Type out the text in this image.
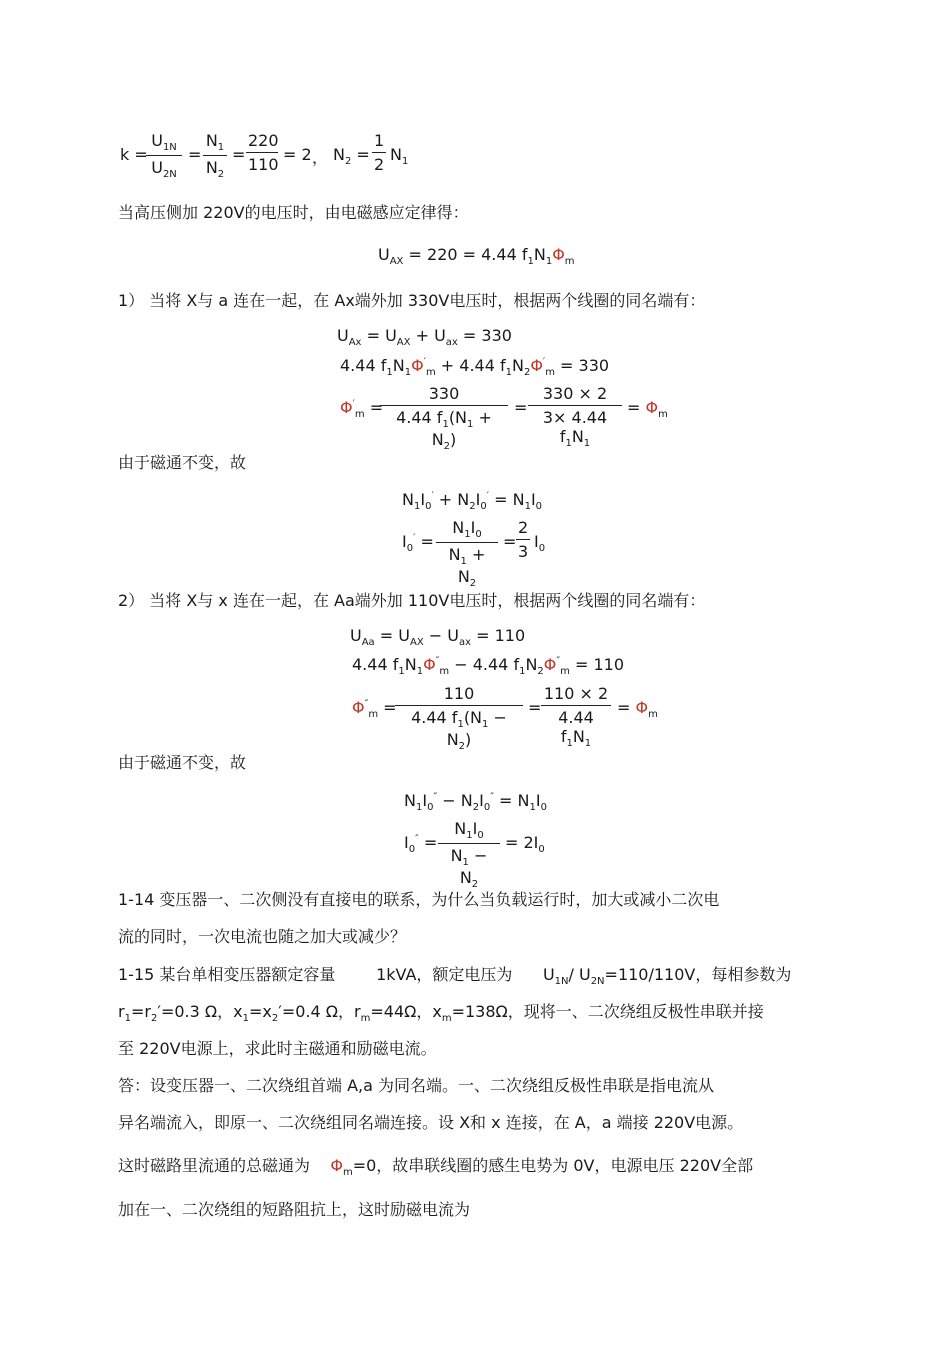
k =
$\frac{U_{1N}}{U_{2N}} = \frac{N_1}{N_2} = \frac{220}{110} = 2$ ， $N_2 = \frac{1}{2} N_1$
当高压侧加 220V的电压时，由电磁感应定律得：
$U_{AX} = 220 = 4.44$ $f_1N_1\Phi_m$
1） 当将 X与 a 连在一起，在 Ax端外加 330V电压时，根据两个线圈的同名端有：
$U_{Ax} = U_{AX} + U_{ax} = 330$
4.44 $f_1N_1\Phi'_m + 4.44$ $f_1N_2\Phi'_m = 330$
$\Phi'_m$ =
$\frac{330}{4.44 f_1(N_1 + N_2)} = \frac{330 \times 2}{3\times 4.44 f_1N_1} = \Phi_m$
由于磁通不变，故
$N_1I_0' + N_2I_0' = N_1I_0$
$I_0' = \frac{N_1I_0}{N_1 + N_2} = \frac{2}{3} I_0$
2） 当将 X与 x 连在一起，在 Aa端外加 110V电压时，根据两个线圈的同名端有：
$U_{Aa} = U_{AX} - U_{ax} = 110$
4.44 $f_1N_1\Phi''_m - 4.44$ $f_1N_2\Phi''_m = 110$
$\Phi''_m$ =
$\frac{110}{4.44 f_1(N_1 - N_2)} = \frac{110 \times 2}{4.44 f_1N_1} = \Phi_m$
由于磁通不变，故
$N_1I_0'' - N_2I_0'' = N_1I_0$
$I_0'' = \frac{N_1I_0}{N_1 - N_2} = 2I_0$
1-14 变压器一、二次侧没有直接电的联系，为什么当负载运行时，加大或减小二次电
流的同时，一次电流也随之加大或减少？
1-15 某台单相变压器额定容量	1kVA，额定电压为 $U_{1N}/$ $U_{2N}=110/110V$，每相参数为
$r_1=r_2'=0.3$ Ω，$x_1=x_2'=0.4$ Ω，$r_m=44\Omega$，$x_m=138\Omega$，现将一、二次绕组反极性串联并接
至 220V电源上，求此时主磁通和励磁电流。
答：设变压器一、二次绕组首端 A,a 为同名端。一、二次绕组反极性串联是指电流从
异名端流入，即原一、二次绕组同名端连接。设 X和 x 连接，在 A，a 端接 220V电源。
这时磁路里流通的总磁通为 $\Phi_m=0$，故串联线圈的感生电势为 0V，电源电压 220V全部
加在一、二次绕组的短路阻抗上，这时励磁电流为
